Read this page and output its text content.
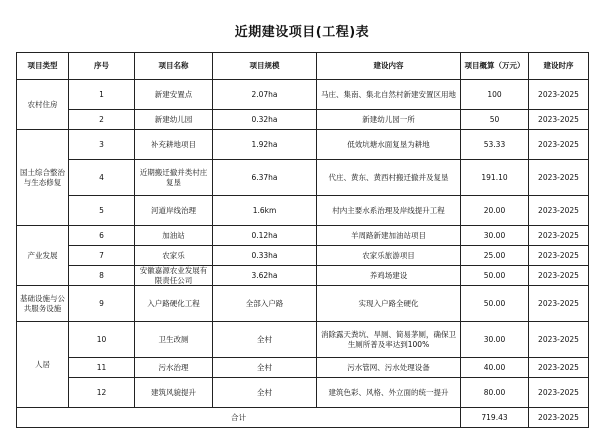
近期建设项目(工程)表
项目类型	序号	项目名称	项目规模	建设内容	项目概算（万元）	建设时序
农村住房	1	新建安置点	2.07ha	马庄、集南、集北自然村新建安置区用地	100	2023-2025
	2	新建幼儿园	0.32ha	新建幼儿园一所	50	2023-2025
国土综合整治与生态修复	3	补充耕地项目	1.92ha	低效坑塘水面复垦为耕地	53.33	2023-2025
	4	近期搬迁撤并类村庄复垦	6.37ha	代庄、黄东、黄西村搬迁撤并及复垦	191.10	2023-2025
	5	河道岸线治理	1.6km	村内主要水系治理及岸线提升工程	20.00	2023-2025
产业发展	6	加油站	0.12ha	羊周路新建加油站项目	30.00	2023-2025
	7	农家乐	0.33ha	农家乐旅游项目	25.00	2023-2025
	8	安徽嘉源农业发展有限责任公司	3.62ha	养鸡场建设	50.00	2023-2025
基础设施与公共服务设施	9	入户路硬化工程	全部入户路	实现入户路全硬化	50.00	2023-2025
人居	10	卫生改厕	全村	消除露天粪坑、旱厕、简易茅厕，确保卫生厕所普及率达到100%	30.00	2023-2025
	11	污水治理	全村	污水管网、污水处理设备	40.00	2023-2025
	12	建筑风貌提升	全村	建筑色彩、风格、外立面的统一提升	80.00	2023-2025
合计					719.43	2023-2025
